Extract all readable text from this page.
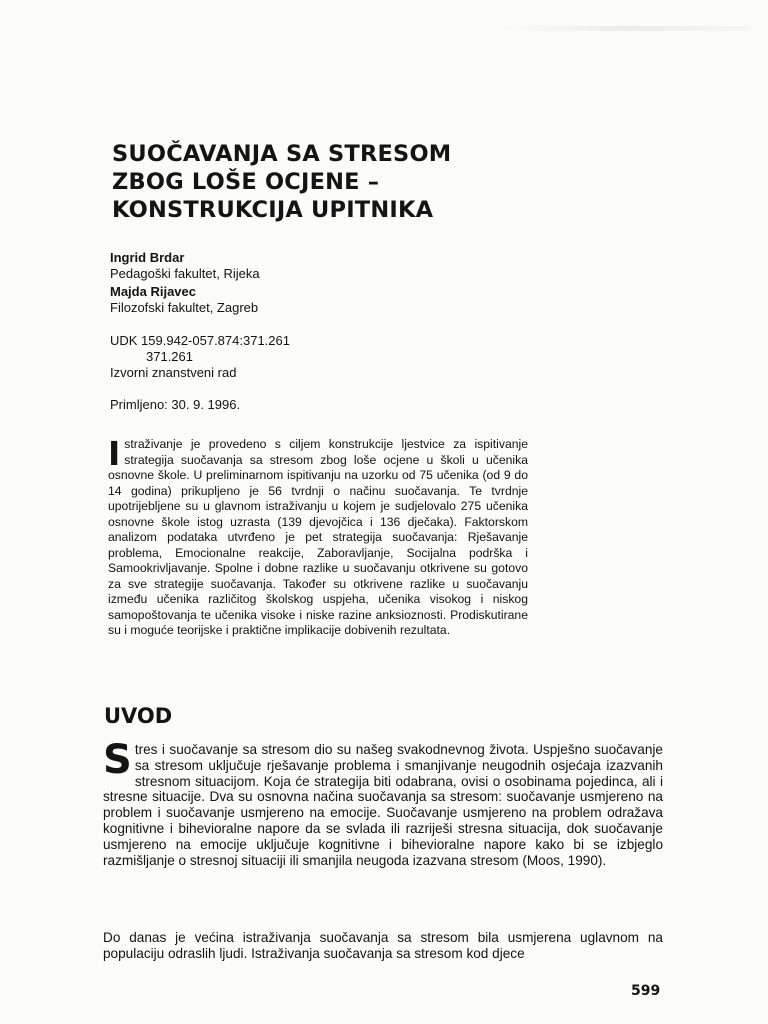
SUOČAVANJA SA STRESOM
ZBOG LOŠE OCJENE –
KONSTRUKCIJA UPITNIKA
Ingrid Brdar
Pedagoški fakultet, Rijeka
Majda Rijavec
Filozofski fakultet, Zagreb
UDK 159.942-057.874:371.261
371.261
Izvorni znanstveni rad
Primljeno: 30. 9. 1996.

I straživanje je provedeno s ciljem konstrukcije ljestvice za ispitivanje strategija suočavanja sa stresom zbog loše ocjene u školi u učenika osnovne škole. U preliminarnom ispitivanju na uzorku od 75 učenika (od 9 do 14 godina) prikupljeno je 56 tvrdnji o načinu suočavanja. Te tvrdnje upotrijebljene su u glavnom istraživanju u kojem je sudjelovalo 275 učenika osnovne škole istog uzrasta (139 djevojčica i 136 dječaka). Faktorskom analizom podataka utvrđeno je pet strategija suočavanja: Rješavanje problema, Emocionalne reakcije, Zaboravljanje, Socijalna podrška i Samookrivljavanje. Spolne i dobne razlike u suočavanju otkrivene su gotovo za sve strategije suočavanja. Također su otkrivene razlike u suočavanju između učenika različitog školskog uspjeha, učenika visokog i niskog samopoštovanja te učenika visoke i niske razine anksioznosti. Prodiskutirane su i moguće teorijske i praktične implikacije dobivenih rezultata.

UVOD

S tres i suočavanje sa stresom dio su našeg svakodnevnog života. Uspješno suočavanje sa stresom uključuje rješavanje problema i smanjivanje neugodnih osjećaja izazvanih stresnom situacijom. Koja će strategija biti odabrana, ovisi o osobinama pojedinca, ali i stresne situacije. Dva su osnovna načina suočavanja sa stresom: suočavanje usmjereno na problem i suočavanje usmjereno na emocije. Suočavanje usmjereno na problem odražava kognitivne i bihevioralne napore da se svlada ili razriješi stresna situacija, dok suočavanje usmjereno na emocije uključuje kognitivne i bihevioralne napore kako bi se izbjeglo razmišljanje o stresnoj situaciji ili smanjila neugoda izazvana stresom (Moos, 1990).

Do danas je većina istraživanja suočavanja sa stresom bila usmjerena uglavnom na populaciju odraslih ljudi. Istraživanja suočavanja sa stresom kod djece

599
